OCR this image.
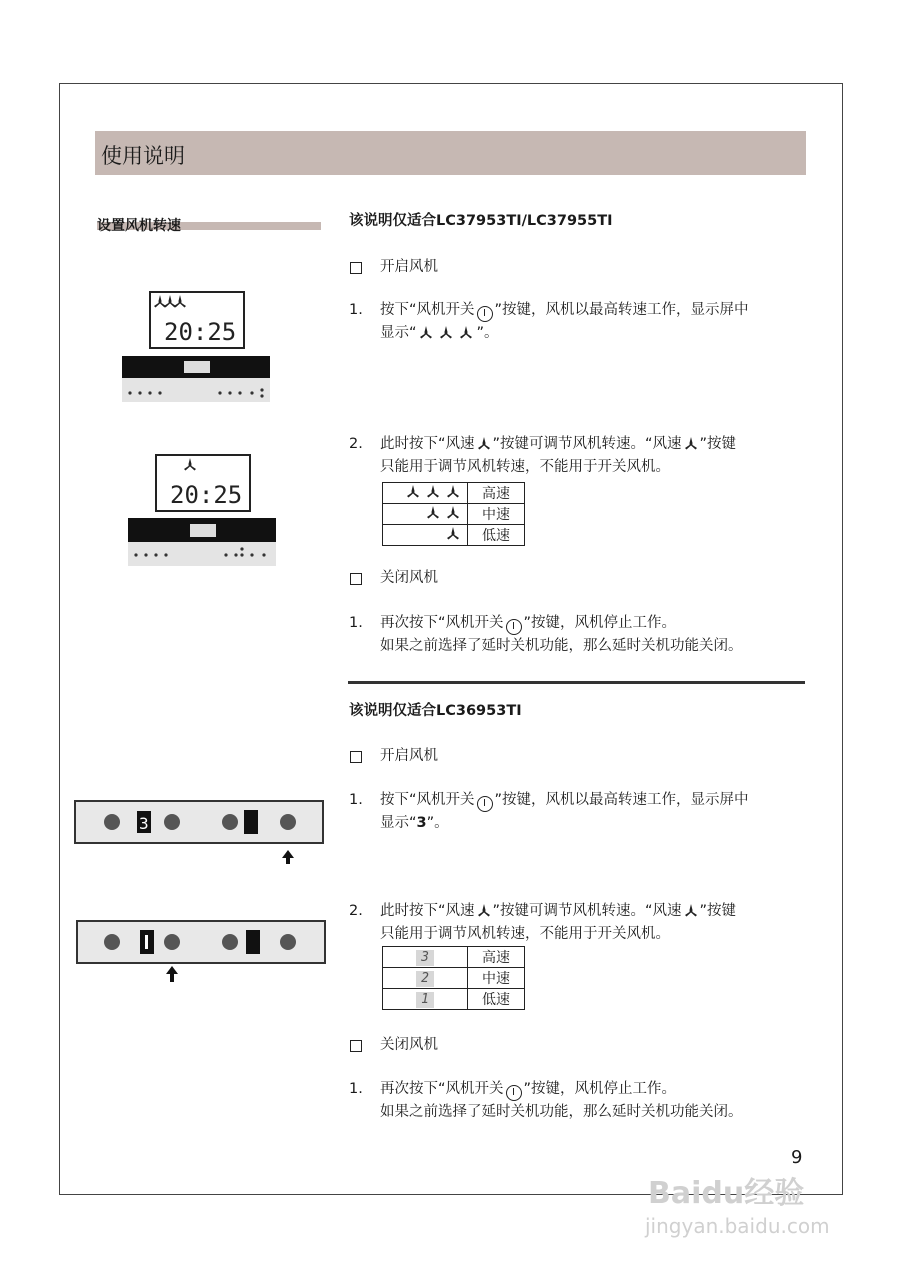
使用说明
设置风机转速	该说明仅适合LC37953TI/LC37955TI
开启风机
1. 按下“风机开关 I ”按键，风机以最高转速工作，显示屏中
显示“	”。
20:25
2. 此时按下“风速 ”按键可调节风机转速。“风速 ”按键
只能用于调节风机转速，不能用于开关风机。
	高速
	中速
	低速
20:25
关闭风机
1. 再次按下“风机开关 I ”按键，风机停止工作。
如果之前选择了延时关机功能，那么延时关机功能关闭。
该说明仅适合LC36953TI
开启风机
1. 按下“风机开关 I ”按键，风机以最高转速工作，显示屏中
显示“3”。
3
2. 此时按下“风速 ”按键可调节风机转速。“风速 ”按键
只能用于调节风机转速，不能用于开关风机。
3	高速
2	中速
1	低速
关闭风机
1. 再次按下“风机开关 I ”按键，风机停止工作。
如果之前选择了延时关机功能，那么延时关机功能关闭。
9
Baidu经验
jingyan.baidu.com
